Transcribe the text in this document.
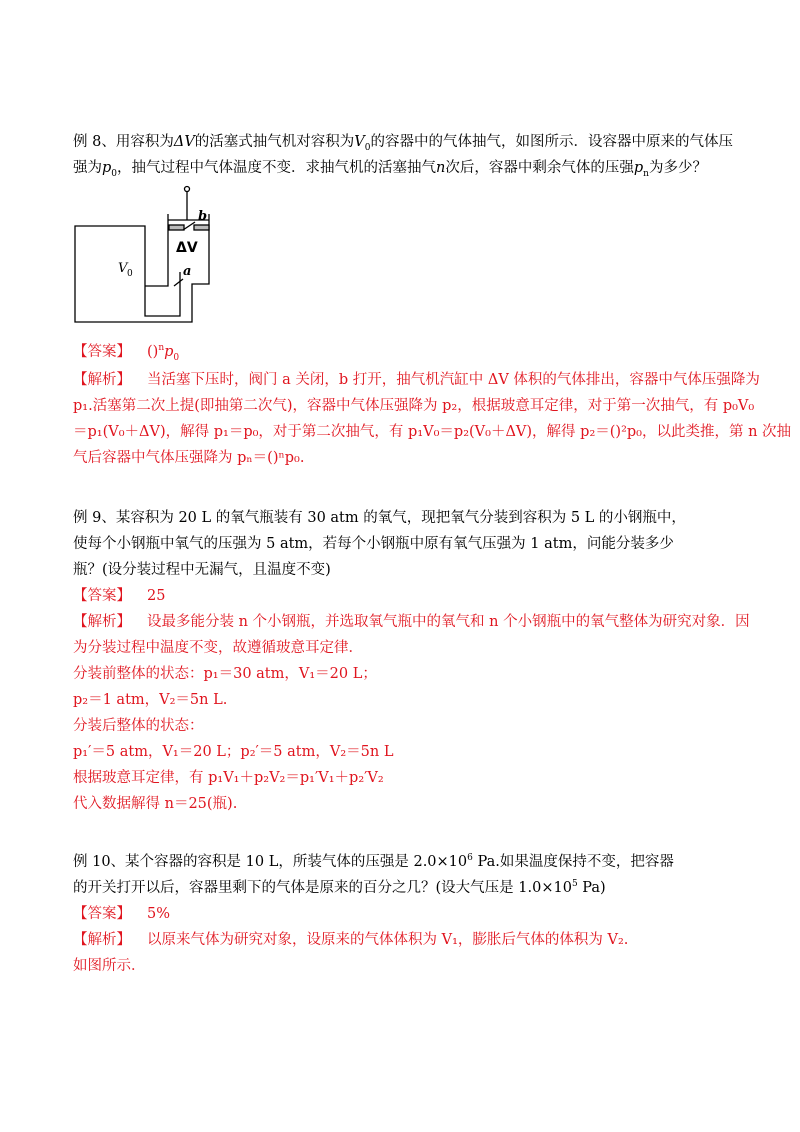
例 8、用容积为ΔV的活塞式抽气机对容积为$V_0$的容器中的气体抽气，如图所示．设容器中原来的气体压
强为$p_0$，抽气过程中气体温度不变．求抽气机的活塞抽气n次后，容器中剩余气体的压强$p_n$为多少？
b
ΔV
a
V 0
【答案】 $()^np_0$
【解析】 当活塞下压时，阀门 a 关闭，b 打开，抽气机汽缸中 ΔV 体积的气体排出，容器中气体压强降为
p₁.活塞第二次上提(即抽第二次气)，容器中气体压强降为 p₂，根据玻意耳定律，对于第一次抽气，有 p₀V₀
＝p₁(V₀＋ΔV)，解得 p₁＝p₀，对于第二次抽气，有 p₁V₀＝p₂(V₀＋ΔV)，解得 p₂＝()²p₀，以此类推，第 n 次抽
气后容器中气体压强降为 pₙ＝()ⁿp₀.
例 9、某容积为 20 L 的氧气瓶装有 30 atm 的氧气，现把氧气分装到容积为 5 L 的小钢瓶中，
使每个小钢瓶中氧气的压强为 5 atm，若每个小钢瓶中原有氧气压强为 1 atm，问能分装多少
瓶？(设分装过程中无漏气，且温度不变)
【答案】 25
【解析】 设最多能分装 n 个小钢瓶，并选取氧气瓶中的氧气和 n 个小钢瓶中的氧气整体为研究对象．因
为分装过程中温度不变，故遵循玻意耳定律．
分装前整体的状态：p₁＝30 atm，V₁＝20 L；
p₂＝1 atm，V₂＝5n L.
分装后整体的状态：
p₁′＝5 atm，V₁＝20 L；p₂′＝5 atm，V₂＝5n L
根据玻意耳定律，有 p₁V₁＋p₂V₂＝p₁′V₁＋p₂′V₂
代入数据解得 n＝25(瓶).
例 10、某个容器的容积是 10 L，所装气体的压强是 $2.0\times 10^6$ Pa.如果温度保持不变，把容器
的开关打开以后，容器里剩下的气体是原来的百分之几？(设大气压是 $1.0\times 10^5$ Pa)
【答案】 5%
【解析】 以原来气体为研究对象，设原来的气体体积为 V₁，膨胀后气体的体积为 V₂.
如图所示．
